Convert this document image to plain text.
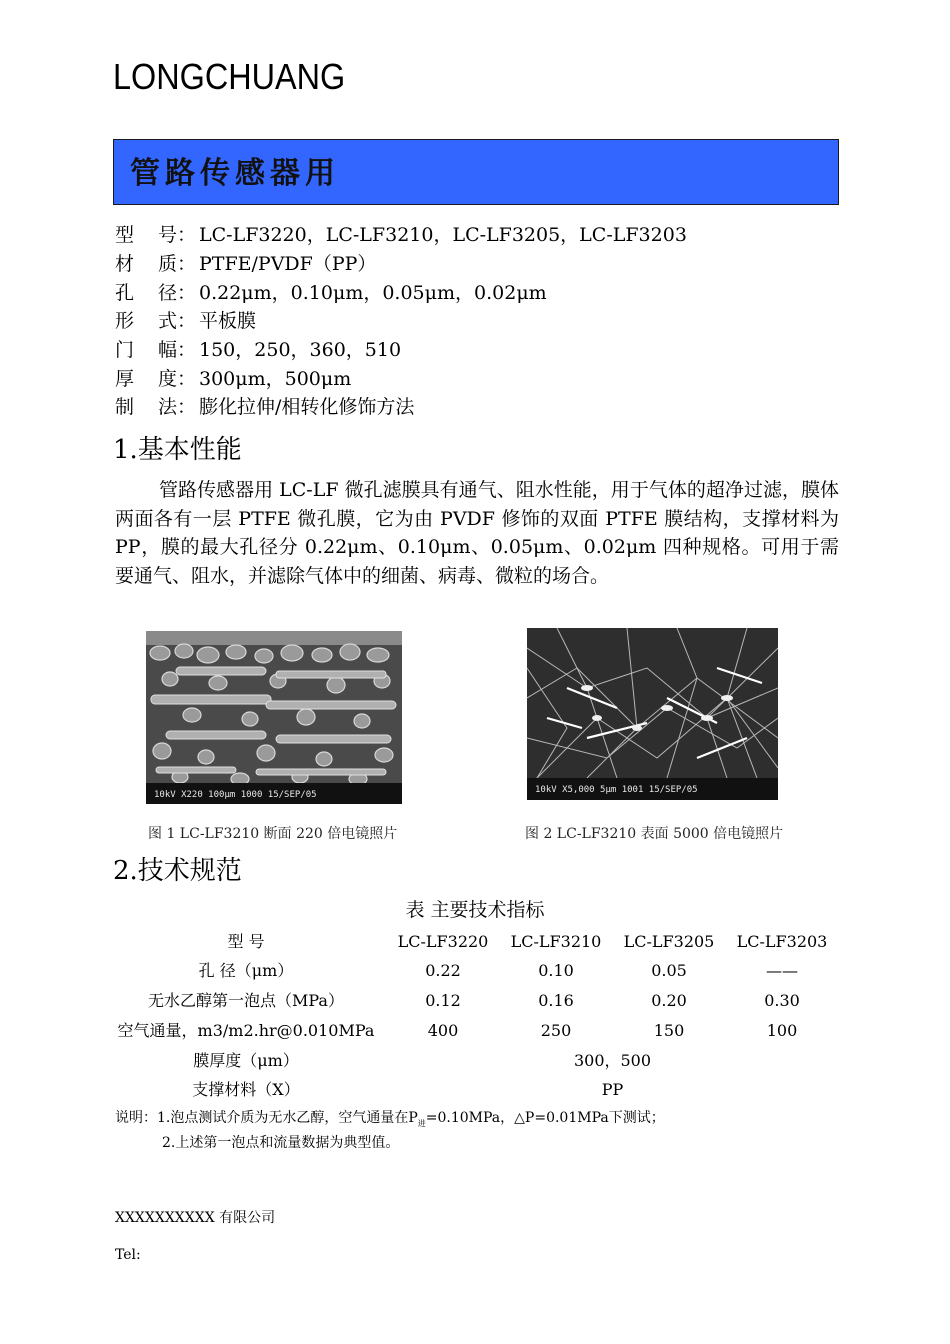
LONGCHUANG
管路传感器用
型 号： LC-LF3220，LC-LF3210，LC-LF3205，LC-LF3203
材 质： PTFE/PVDF（PP）
孔 径： 0.22μm，0.10μm，0.05μm，0.02μm
形 式： 平板膜
门 幅： 150，250，360，510
厚 度： 300μm，500μm
制 法： 膨化拉伸/相转化修饰方法
1.基本性能
管路传感器用 LC-LF 微孔滤膜具有通气、阻水性能，用于气体的超净过滤，膜体两面各有一层 PTFE 微孔膜，它为由 PVDF 修饰的双面 PTFE 膜结构，支撑材料为 PP，膜的最大孔径分 0.22μm、0.10μm、0.05μm、0.02μm 四种规格。可用于需要通气、阻水，并滤除气体中的细菌、病毒、微粒的场合。
10kV X220 100μm 1000 15/SEP/05	10kV X5,000 5μm 1001 15/SEP/05
图 1 LC-LF3210 断面 220 倍电镜照片	图 2 LC-LF3210 表面 5000 倍电镜照片
2.技术规范
表 主要技术指标
型 号	LC-LF3220	LC-LF3210	LC-LF3205	LC-LF3203
孔 径（μm）	0.22	0.10	0.05	——
无水乙醇第一泡点（MPa）	0.12	0.16	0.20	0.30
空气通量，m3/m2.hr@0.010MPa	400	250	150	100
膜厚度（μm）	300，500
支撑材料（X）	PP
说明：1.泡点测试介质为无水乙醇，空气通量在$P_进=0.10MPa$，△P=0.01MPa下测试；
2.上述第一泡点和流量数据为典型值。
XXXXXXXXXX 有限公司
Tel:
